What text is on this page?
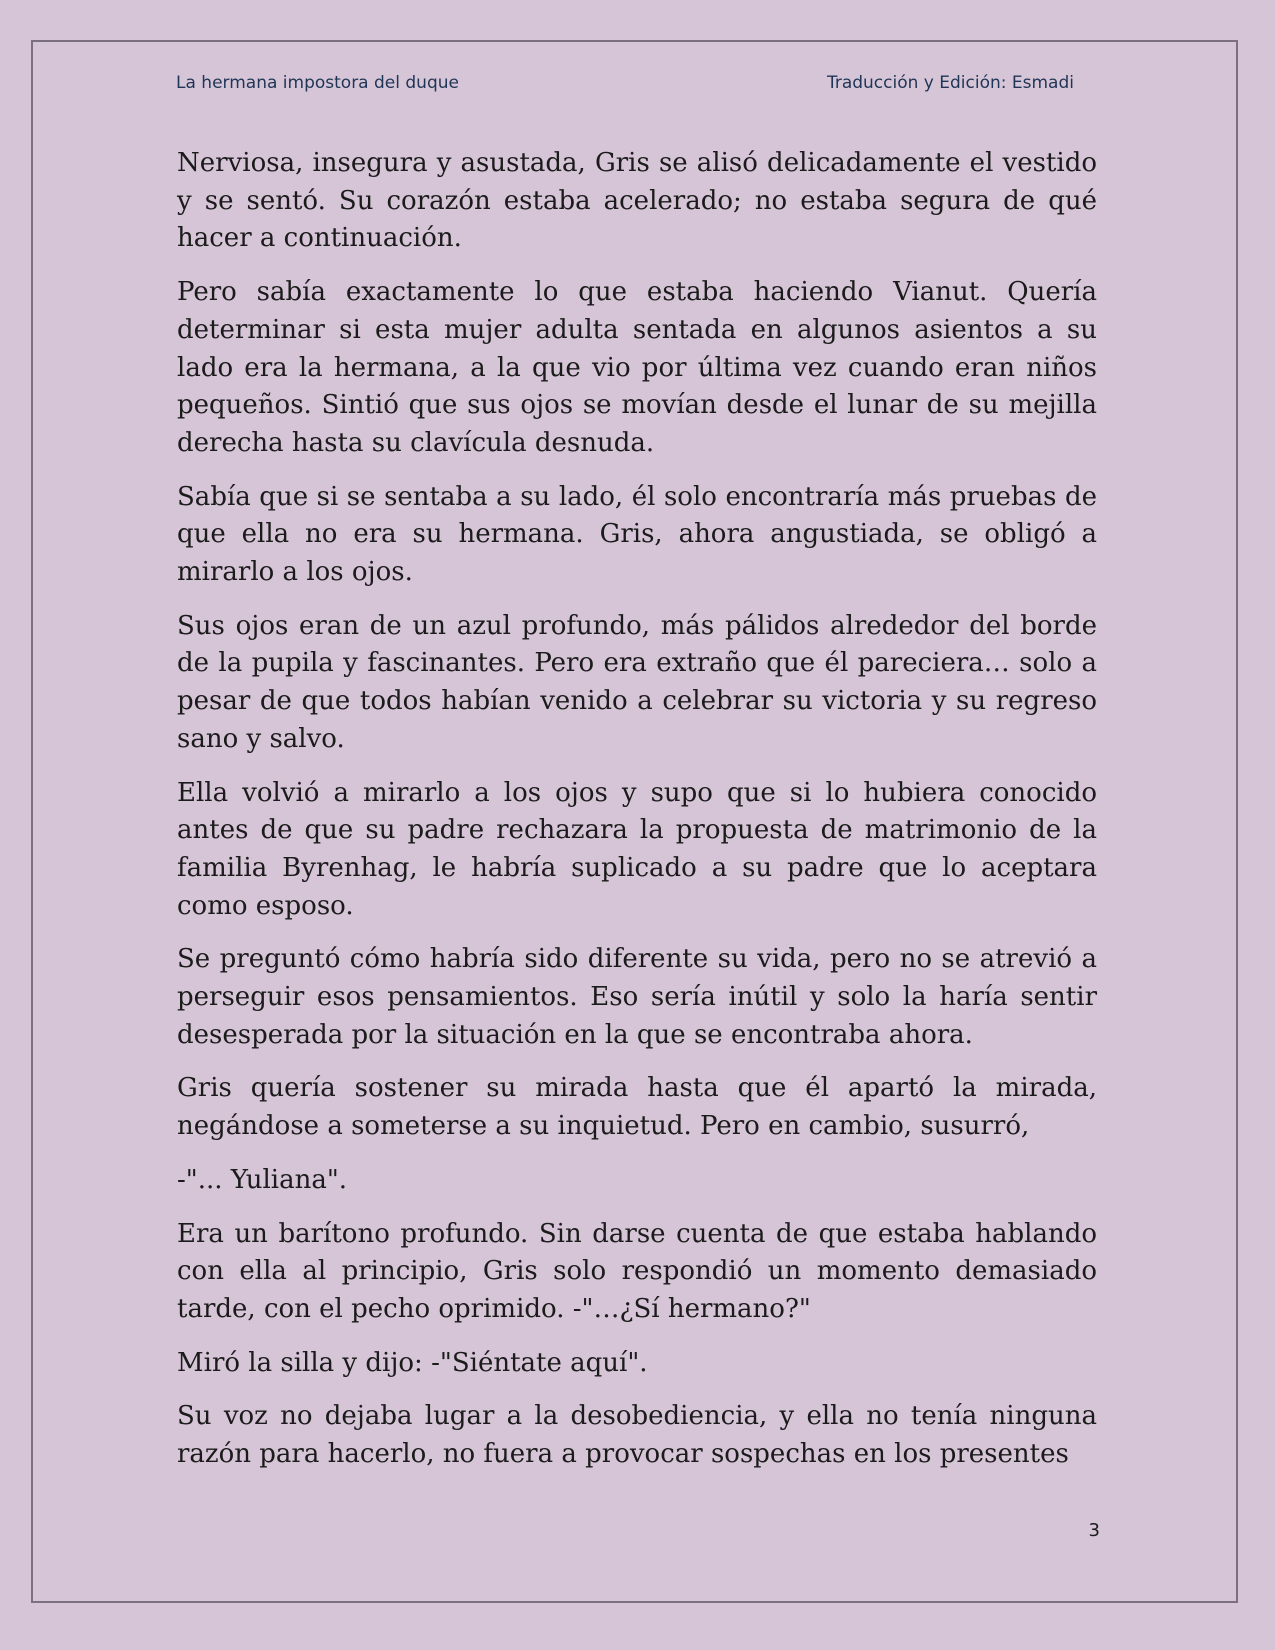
La hermana impostora del duque	Traducción y Edición: Esmadi

Nerviosa, insegura y asustada, Gris se alisó delicadamente el vestido y se sentó. Su corazón estaba acelerado; no estaba segura de qué hacer a continuación.

Pero sabía exactamente lo que estaba haciendo Vianut. Quería determinar si esta mujer adulta sentada en algunos asientos a su lado era la hermana, a la que vio por última vez cuando eran niños pequeños. Sintió que sus ojos se movían desde el lunar de su mejilla derecha hasta su clavícula desnuda.

Sabía que si se sentaba a su lado, él solo encontraría más pruebas de que ella no era su hermana. Gris, ahora angustiada, se obligó a mirarlo a los ojos.

Sus ojos eran de un azul profundo, más pálidos alrededor del borde de la pupila y fascinantes. Pero era extraño que él pareciera… solo a pesar de que todos habían venido a celebrar su victoria y su regreso sano y salvo.

Ella volvió a mirarlo a los ojos y supo que si lo hubiera conocido antes de que su padre rechazara la propuesta de matrimonio de la familia Byrenhag, le habría suplicado a su padre que lo aceptara como esposo.

Se preguntó cómo habría sido diferente su vida, pero no se atrevió a perseguir esos pensamientos. Eso sería inútil y solo la haría sentir desesperada por la situación en la que se encontraba ahora.

Gris quería sostener su mirada hasta que él apartó la mirada, negándose a someterse a su inquietud. Pero en cambio, susurró,

-"... Yuliana".

Era un barítono profundo. Sin darse cuenta de que estaba hablando con ella al principio, Gris solo respondió un momento demasiado tarde, con el pecho oprimido. -"…¿Sí hermano?"

Miró la silla y dijo: -"Siéntate aquí".

Su voz no dejaba lugar a la desobediencia, y ella no tenía ninguna razón para hacerlo, no fuera a provocar sospechas en los presentes

3
